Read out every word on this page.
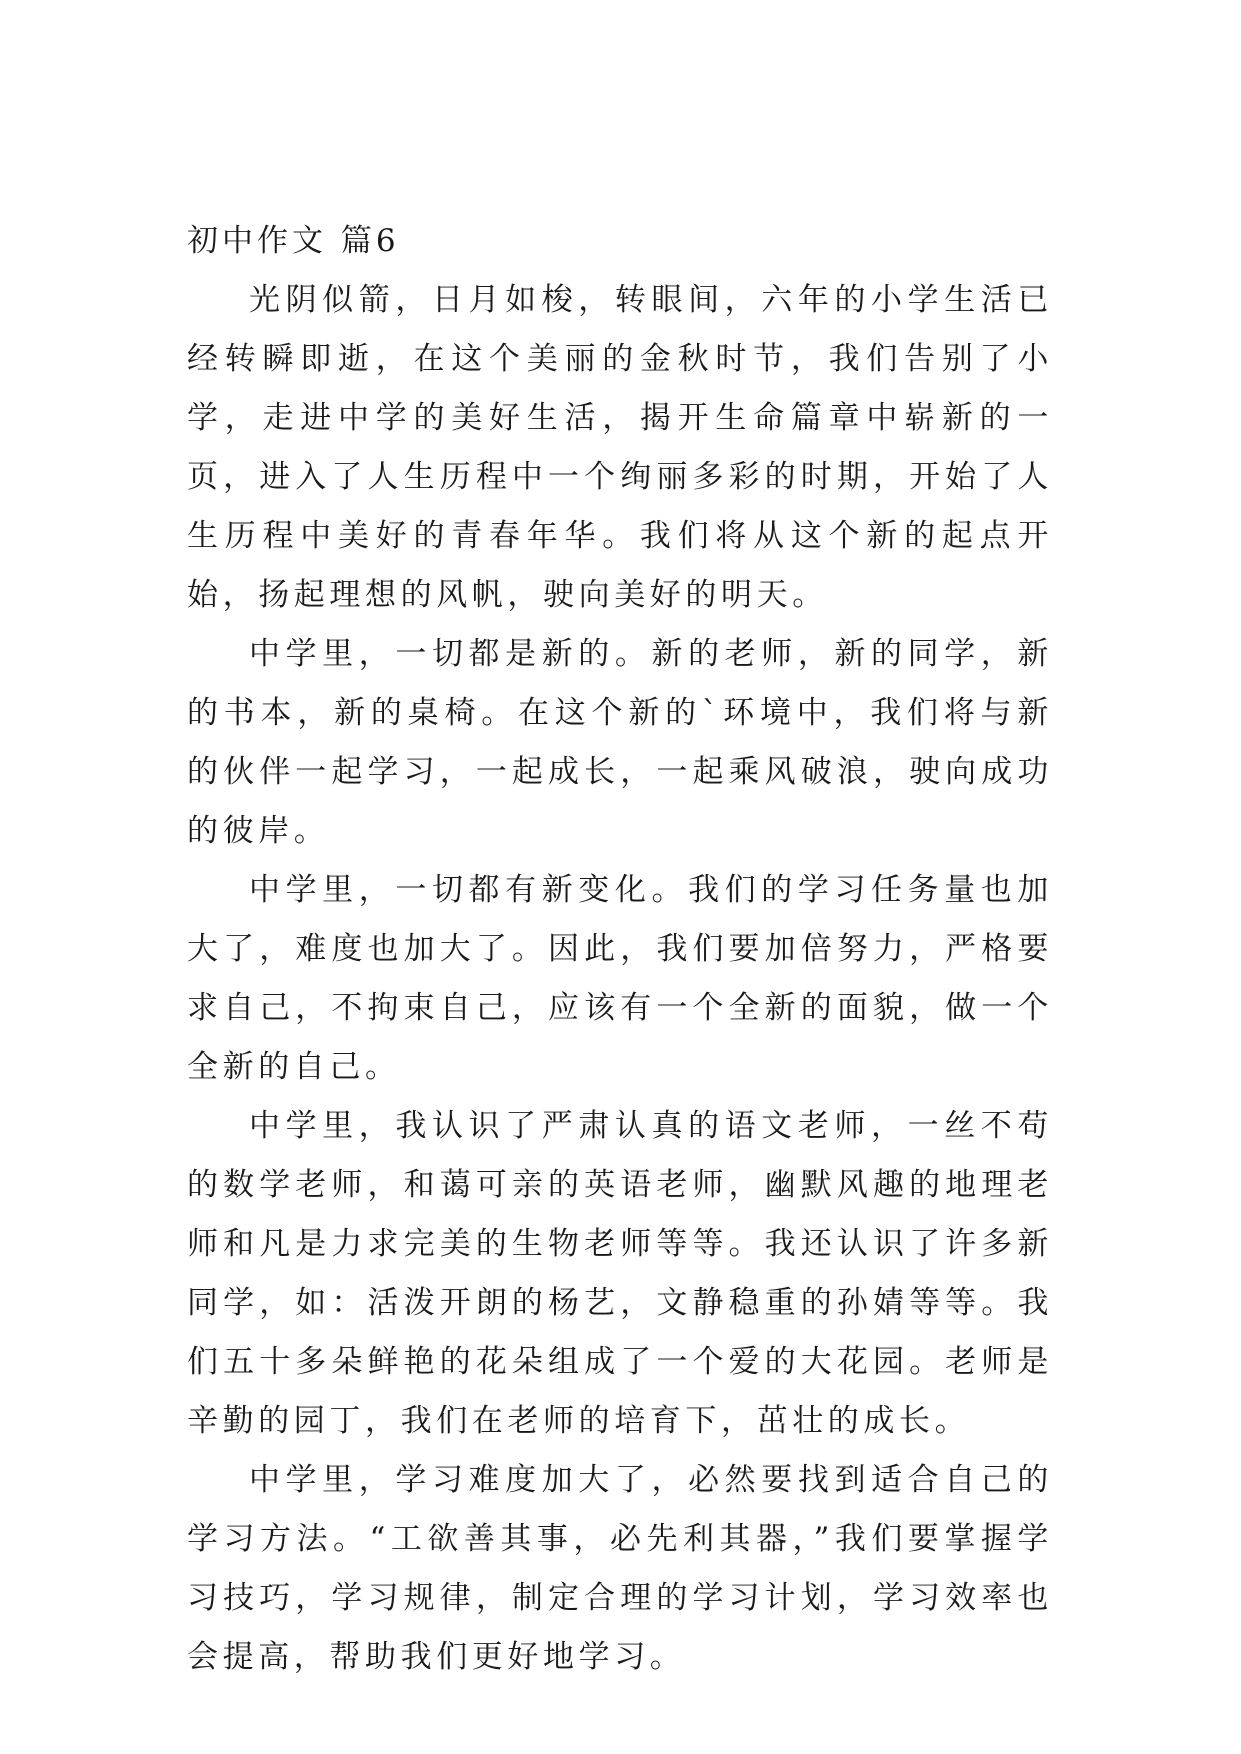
初中作文 篇6

光阴似箭，日月如梭，转眼间，六年的小学生活已经转瞬即逝，在这个美丽的金秋时节，我们告别了小学，走进中学的美好生活，揭开生命篇章中崭新的一页，进入了人生历程中一个绚丽多彩的时期，开始了人生历程中美好的青春年华。我们将从这个新的起点开始，扬起理想的风帆，驶向美好的明天。

中学里，一切都是新的。新的老师，新的同学，新的书本，新的桌椅。在这个新的`环境中，我们将与新的伙伴一起学习，一起成长，一起乘风破浪，驶向成功的彼岸。

中学里，一切都有新变化。我们的学习任务量也加大了，难度也加大了。因此，我们要加倍努力，严格要求自己，不拘束自己，应该有一个全新的面貌，做一个全新的自己。

中学里，我认识了严肃认真的语文老师，一丝不苟的数学老师，和蔼可亲的英语老师，幽默风趣的地理老师和凡是力求完美的生物老师等等。我还认识了许多新同学，如：活泼开朗的杨艺，文静稳重的孙婧等等。我们五十多朵鲜艳的花朵组成了一个爱的大花园。老师是辛勤的园丁，我们在老师的培育下，茁壮的成长。

中学里，学习难度加大了，必然要找到适合自己的学习方法。“工欲善其事，必先利其器，”我们要掌握学习技巧，学习规律，制定合理的学习计划，学习效率也会提高，帮助我们更好地学习。
